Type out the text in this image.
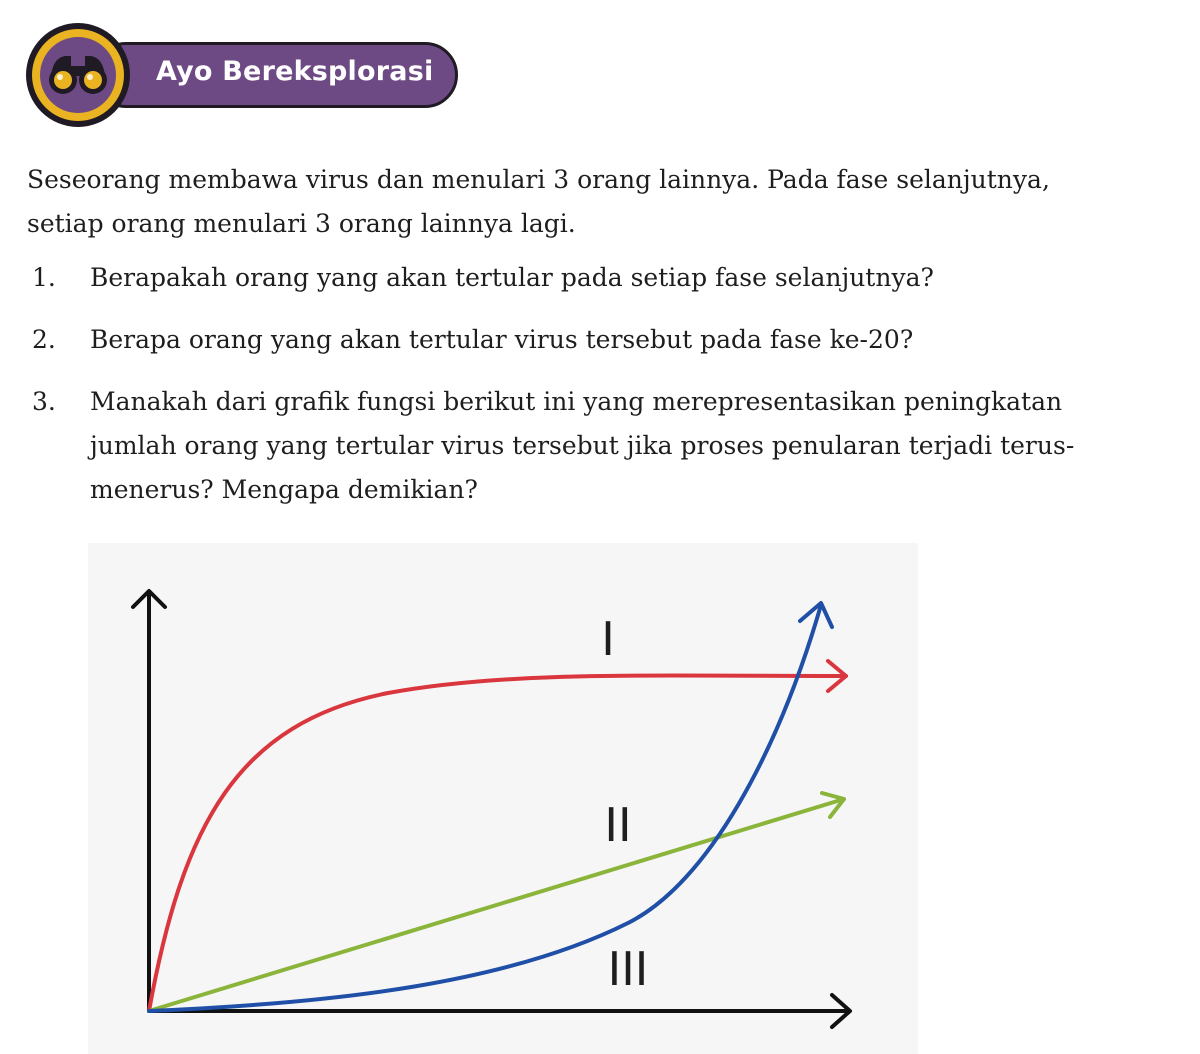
Ayo Bereksplorasi

Seseorang membawa virus dan menulari 3 orang lainnya. Pada fase selanjutnya,
setiap orang menulari 3 orang lainnya lagi.

1. Berapakah orang yang akan tertular pada setiap fase selanjutnya?
2. Berapa orang yang akan tertular virus tersebut pada fase ke-20?
3. Manakah dari grafik fungsi berikut ini yang merepresentasikan peningkatan
jumlah orang yang tertular virus tersebut jika proses penularan terjadi terus-
menerus? Mengapa demikian?
I
II
III
